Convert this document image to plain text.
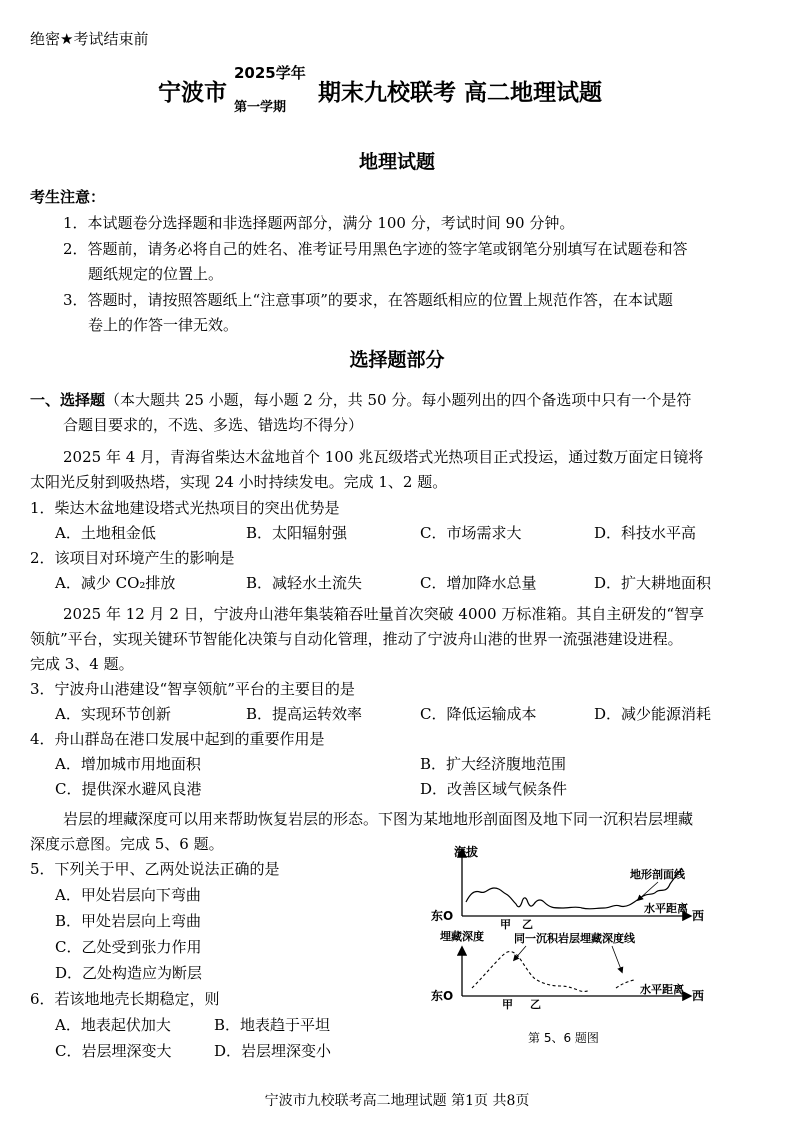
绝密★考试结束前
宁波市
2025学年
第一学期
期末九校联考 高二地理试题
地理试题
考生注意：
1．本试题卷分选择题和非选择题两部分，满分 100 分，考试时间 90 分钟。
2．答题前，请务必将自己的姓名、准考证号用黑色字迹的签字笔或钢笔分别填写在试题卷和答
题纸规定的位置上。
3．答题时，请按照答题纸上“注意事项”的要求，在答题纸相应的位置上规范作答，在本试题
卷上的作答一律无效。
选择题部分
一、选择题（本大题共 25 小题，每小题 2 分，共 50 分。每小题列出的四个备选项中只有一个是符
合题目要求的，不选、多选、错选均不得分）
2025 年 4 月，青海省柴达木盆地首个 100 兆瓦级塔式光热项目正式投运，通过数万面定日镜将
太阳光反射到吸热塔，实现 24 小时持续发电。完成 1、2 题。
1．柴达木盆地建设塔式光热项目的突出优势是
A．土地租金低	B．太阳辐射强	C．市场需求大	D．科技水平高
2．该项目对环境产生的影响是
A．减少 CO₂排放	B．减轻水土流失	C．增加降水总量	D．扩大耕地面积
2025 年 12 月 2 日，宁波舟山港年集装箱吞吐量首次突破 4000 万标准箱。其自主研发的“智享
领航”平台，实现关键环节智能化决策与自动化管理，推动了宁波舟山港的世界一流强港建设进程。
完成 3、4 题。
3．宁波舟山港建设“智享领航”平台的主要目的是
A．实现环节创新	B．提高运转效率	C．降低运输成本	D．减少能源消耗
4．舟山群岛在港口发展中起到的重要作用是
A．增加城市用地面积	B．扩大经济腹地范围
C．提供深水避风良港	D．改善区域气候条件
岩层的埋藏深度可以用来帮助恢复岩层的形态。下图为某地地形剖面图及地下同一沉积岩层埋藏
深度示意图。完成 5、6 题。
5．下列关于甲、乙两处说法正确的是
A．甲处岩层向下弯曲
B．甲处岩层向上弯曲
C．乙处受到张力作用
D．乙处构造应为断层
6．若该地地壳长期稳定，则
A．地表起伏加大	B．地表趋于平坦
C．岩层埋深变大	D．岩层埋深变小
海拔
地形剖面线
东O
甲 乙
水平距离
西
埋藏深度	同一沉积岩层埋藏深度线
东O
甲 乙
水平距离 西
第 5、6 题图
宁波市九校联考高二地理试题 第1页 共8页
